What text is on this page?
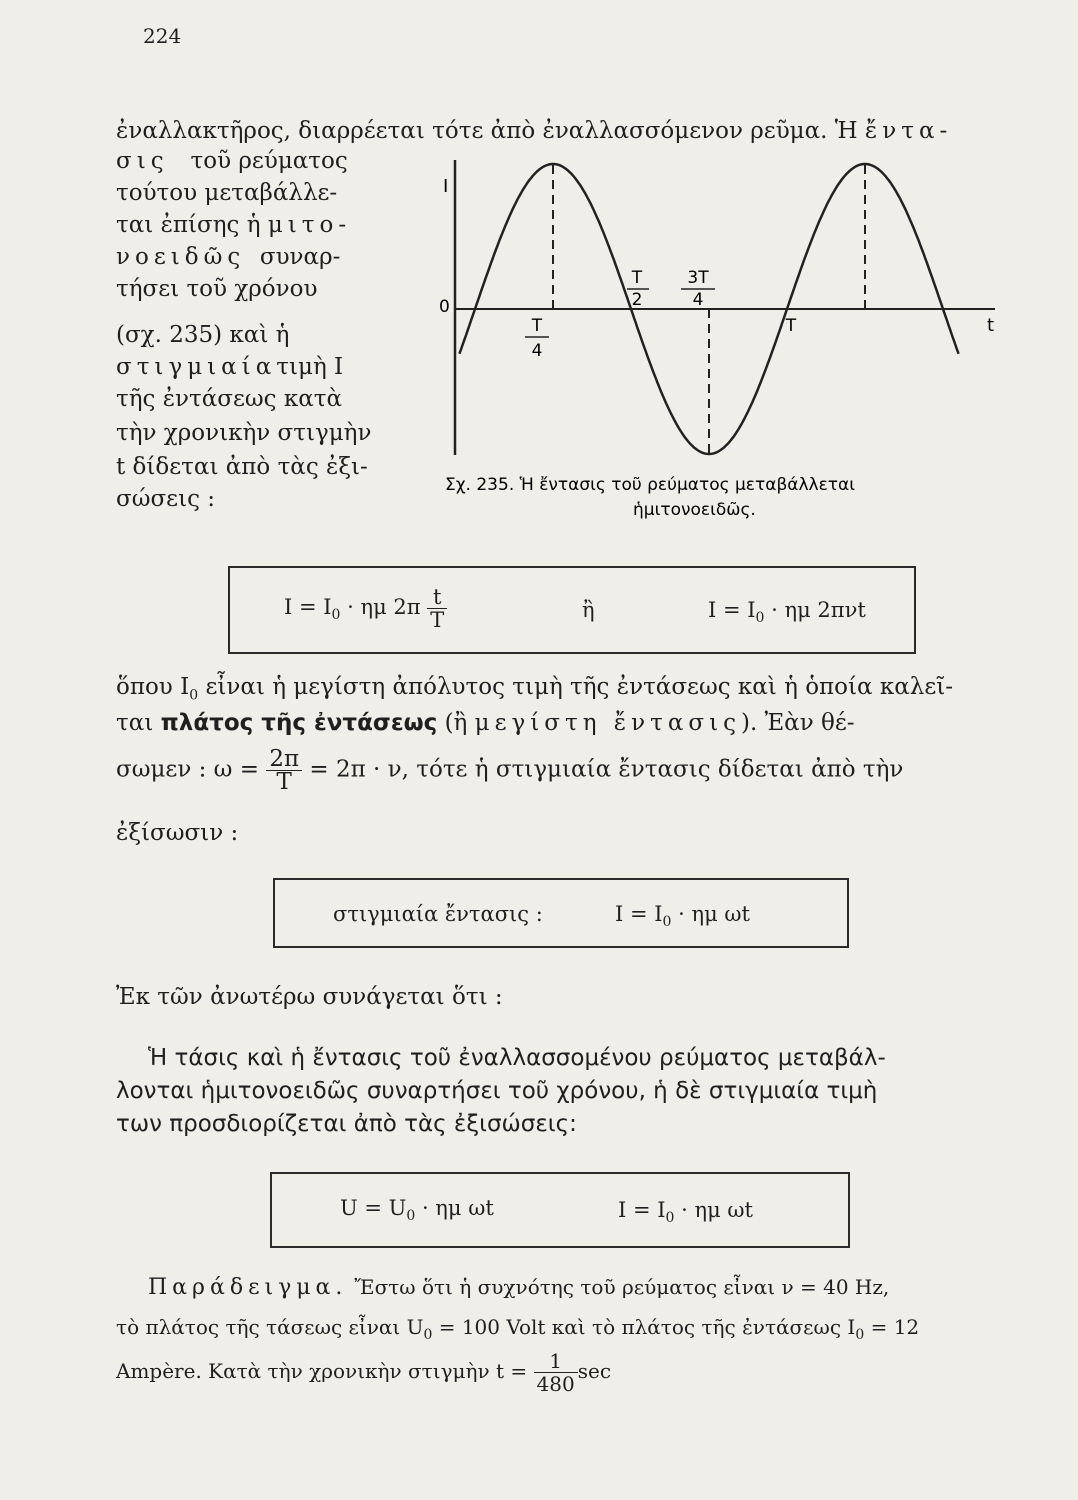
224
ἐναλλακτῆρος, διαρρέεται τότε ἀπὸ ἐναλλασσόμενον ρεῦμα. Ἡ ἔντα-
σις τοῦ ρεύματος
τούτου μεταβάλλε-
ται ἐπίσης ἡ μιτο-
νοειδῶς συναρ-
τήσει τοῦ χρόνου
(σχ. 235) καὶ ἡ
στιγμιαίατιμὴ I
τῆς ἐντάσεως κατὰ
τὴν χρονικὴν στιγμὴν
t δίδεται ἀπὸ τὰς ἐξι-
σώσεις :
I
t
0
T
4
T
2
3T
4
T
Σχ. 235. Ἡ ἔντασις τοῦ ρεύματος μεταβάλλεται
ἡμιτονοειδῶς.
$I = I_0 \cdot \eta\mu$ $2\pi \frac{t}{T}$	ἢ	$I = I_0 \cdot \eta\mu$ 2πνt
ὅπου $I_0$ εἶναι ἡ μεγίστη ἀπόλυτος τιμὴ τῆς ἐντάσεως καὶ ἡ ὁποία καλεῖ-
ται πλάτος τῆς ἐντάσεως (ἢ μεγίστη ἔντασις). Ἐὰν θέ-
σωμεν : $\omega = \frac{2\pi}{T} = 2\pi \cdot \nu$, τότε ἡ στιγμιαία ἔντασις δίδεται ἀπὸ τὴν
ἐξίσωσιν :
στιγμιαία ἔντασις :	$I = I_0 \cdot \eta\mu$ ωt
Ἐκ τῶν ἀνωτέρω συνάγεται ὅτι :
Ἡ τάσις καὶ ἡ ἔντασις τοῦ ἐναλλασσομένου ρεύματος μεταβάλ-
λονται ἡμιτονοειδῶς συναρτήσει τοῦ χρόνου, ἡ δὲ στιγμιαία τιμὴ
των προσδιορίζεται ἀπὸ τὰς ἐξισώσεις:
$U = U_0 \cdot \eta\mu$ ωt	$I = I_0 \cdot \eta\mu$ ωt
Παράδειγμα. Ἔστω ὅτι ἡ συχνότης τοῦ ρεύματος εἶναι ν = 40 Hz,
τὸ πλάτος τῆς τάσεως εἶναι $U_0 = 100$ Volt καὶ τὸ πλάτος τῆς ἐντάσεως $I_0 = 12$
Ampère. Κατὰ τὴν χρονικὴν στιγμὴν $t = \frac{1}{480}$ sec
